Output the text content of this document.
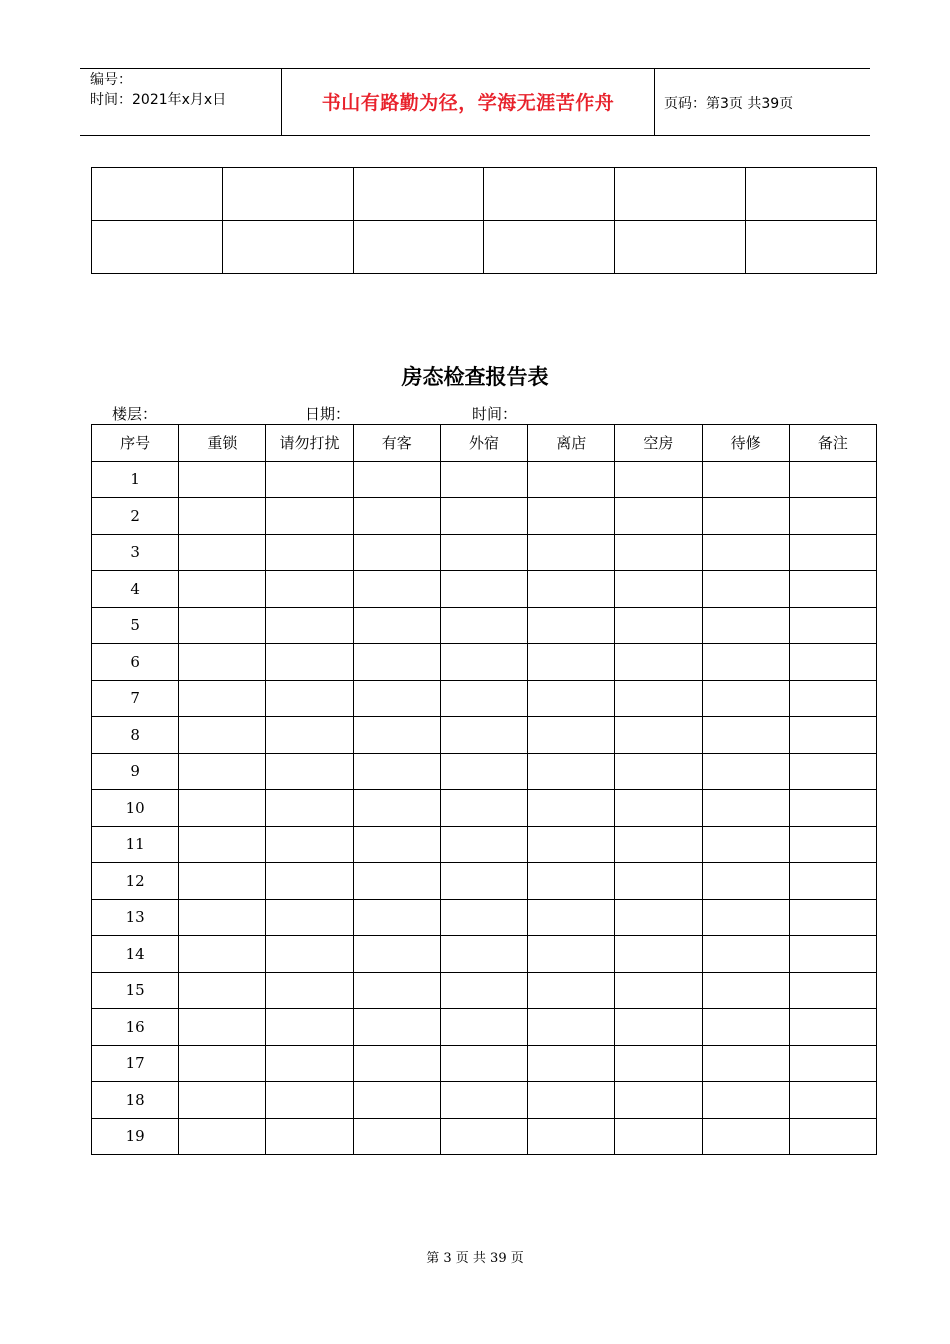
编号：
时间：2021年x月x日	书山有路勤为径，学海无涯苦作舟	页码：第3页 共39页

房态检查报告表
楼层：	日期：	时间：
序号	重锁	请勿打扰	有客	外宿	离店	空房	待修	备注
1								
2								
3								
4								
5								
6								
7								
8								
9								
10								
11								
12								
13								
14								
15								
16								
17								
18								
19								
第 3 页 共 39 页
